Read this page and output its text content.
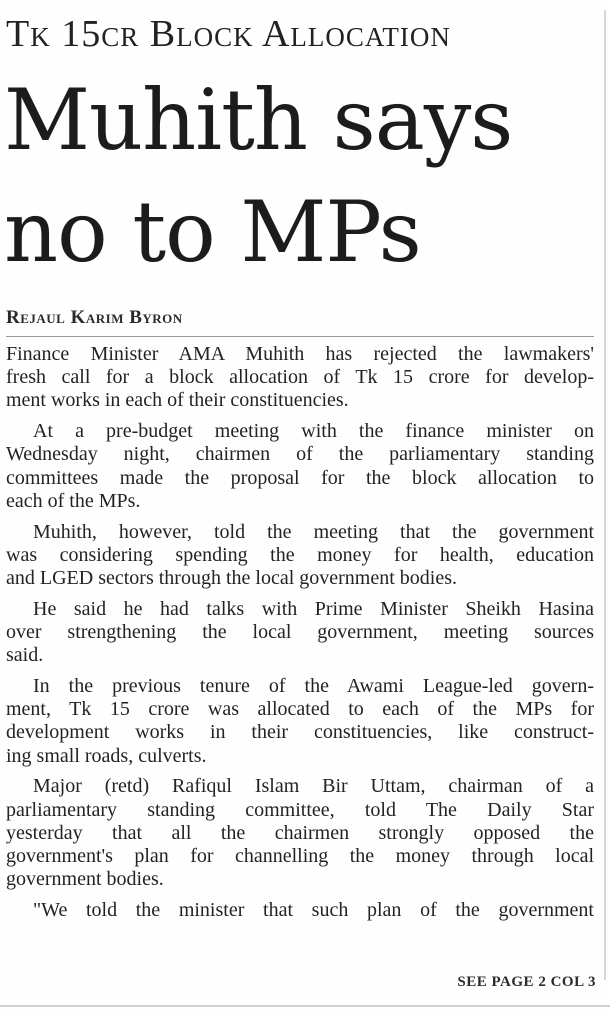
Tk 15cr Block Allocation
Muhith says
no to MPs
Rejaul Karim Byron

Finance Minister AMA Muhith has rejected the lawmakers'
fresh call for a block allocation of Tk 15 crore for develop-
ment works in each of their constituencies.

At a pre-budget meeting with the finance minister on
Wednesday night, chairmen of the parliamentary standing
committees made the proposal for the block allocation to
each of the MPs.

Muhith, however, told the meeting that the government
was considering spending the money for health, education
and LGED sectors through the local government bodies.

He said he had talks with Prime Minister Sheikh Hasina
over strengthening the local government, meeting sources
said.

In the previous tenure of the Awami League-led govern-
ment, Tk 15 crore was allocated to each of the MPs for
development works in their constituencies, like construct-
ing small roads, culverts.

Major (retd) Rafiqul Islam Bir Uttam, chairman of a
parliamentary standing committee, told The Daily Star
yesterday that all the chairmen strongly opposed the
government's plan for channelling the money through local
government bodies.

"We told the minister that such plan of the government

SEE PAGE 2 COL 3
